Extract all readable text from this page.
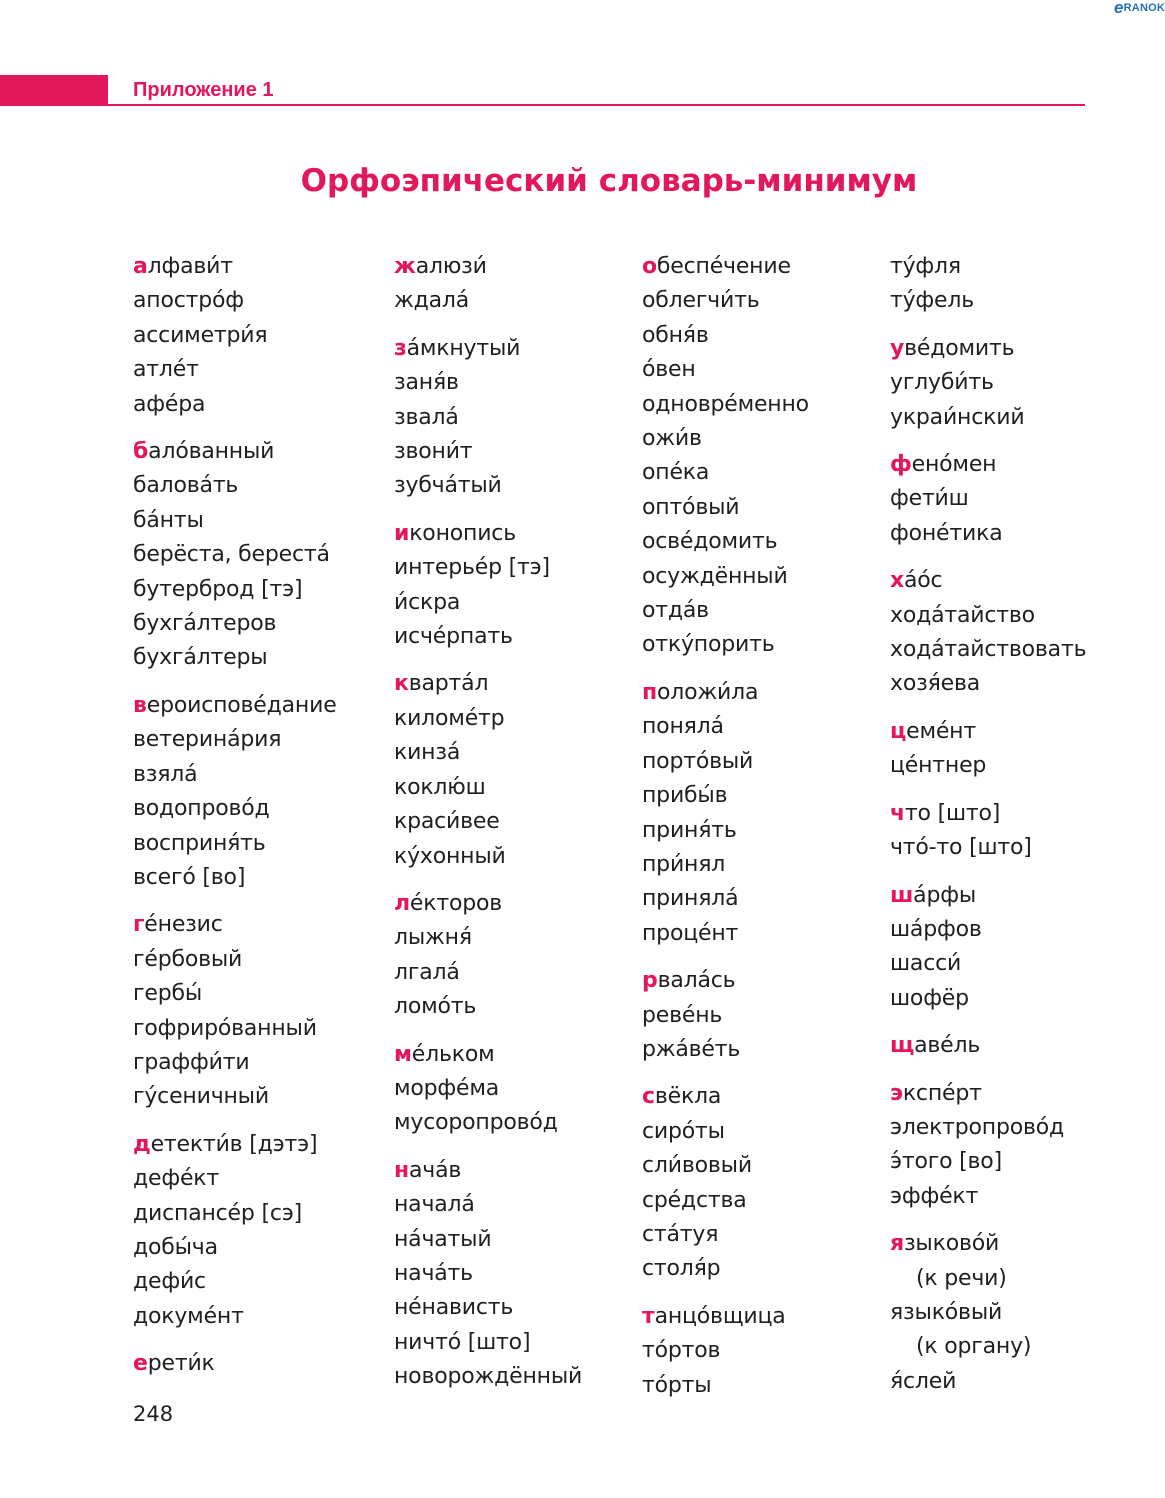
eRANOK
Приложение 1
Орфоэпический словарь-минимум
алфави́т
апостро́ф
ассиметри́я
атле́т
афе́ра
бало́ванный
балова́ть
ба́нты
берёста, береста́
бутерброд [тэ]
бухга́лтеров
бухга́лтеры
вероиспове́дание
ветерина́рия
взяла́
водопрово́д
восприня́ть
всего́ [во]
ге́незис
ге́рбовый
гербы́
гофриро́ванный
граффи́ти
гу́сеничный
детекти́в [дэтэ]
дефе́кт
диспансе́р [сэ]
добы́ча
дефи́с
докуме́нт
ерети́к
жалюзи́
ждала́
за́мкнутый
заня́в
звала́
звони́т
зубча́тый
иконопись
интерье́р [тэ]
и́скра
исче́рпать
кварта́л
киломе́тр
кинза́
коклю́ш
краси́вее
ку́хонный
ле́кторов
лыжня́
лгала́
ломо́ть
ме́льком
морфе́ма
мусоропрово́д
нача́в
начала́
на́чатый
нача́ть
не́нависть
ничто́ [што]
новорождённый
обеспе́чение
облегчи́ть
обня́в
о́вен
одновре́менно
ожи́в
опе́ка
опто́вый
осве́домить
осуждённый
отда́в
отку́порить
положи́ла
поняла́
порто́вый
прибы́в
приня́ть
при́нял
приняла́
проце́нт
рвала́сь
реве́нь
ржа́ве́ть
свёкла
сиро́ты
сли́вовый
сре́дства
ста́туя
столя́р
танцо́вщица
то́ртов
то́рты
ту́фля
ту́фель
уве́домить
углуби́ть
украи́нский
фено́мен
фети́ш
фоне́тика
ха́о́с
хода́тайство
хода́тайствовать
хозя́ева
цеме́нт
це́нтнер
что [што]
что́-то [што]
ша́рфы
ша́рфов
шасси́
шофёр
щаве́ль
экспе́рт
электропрово́д
э́того [во]
эффе́кт
языково́й
(к речи)
языко́вый
(к органу)
я́слей
248
